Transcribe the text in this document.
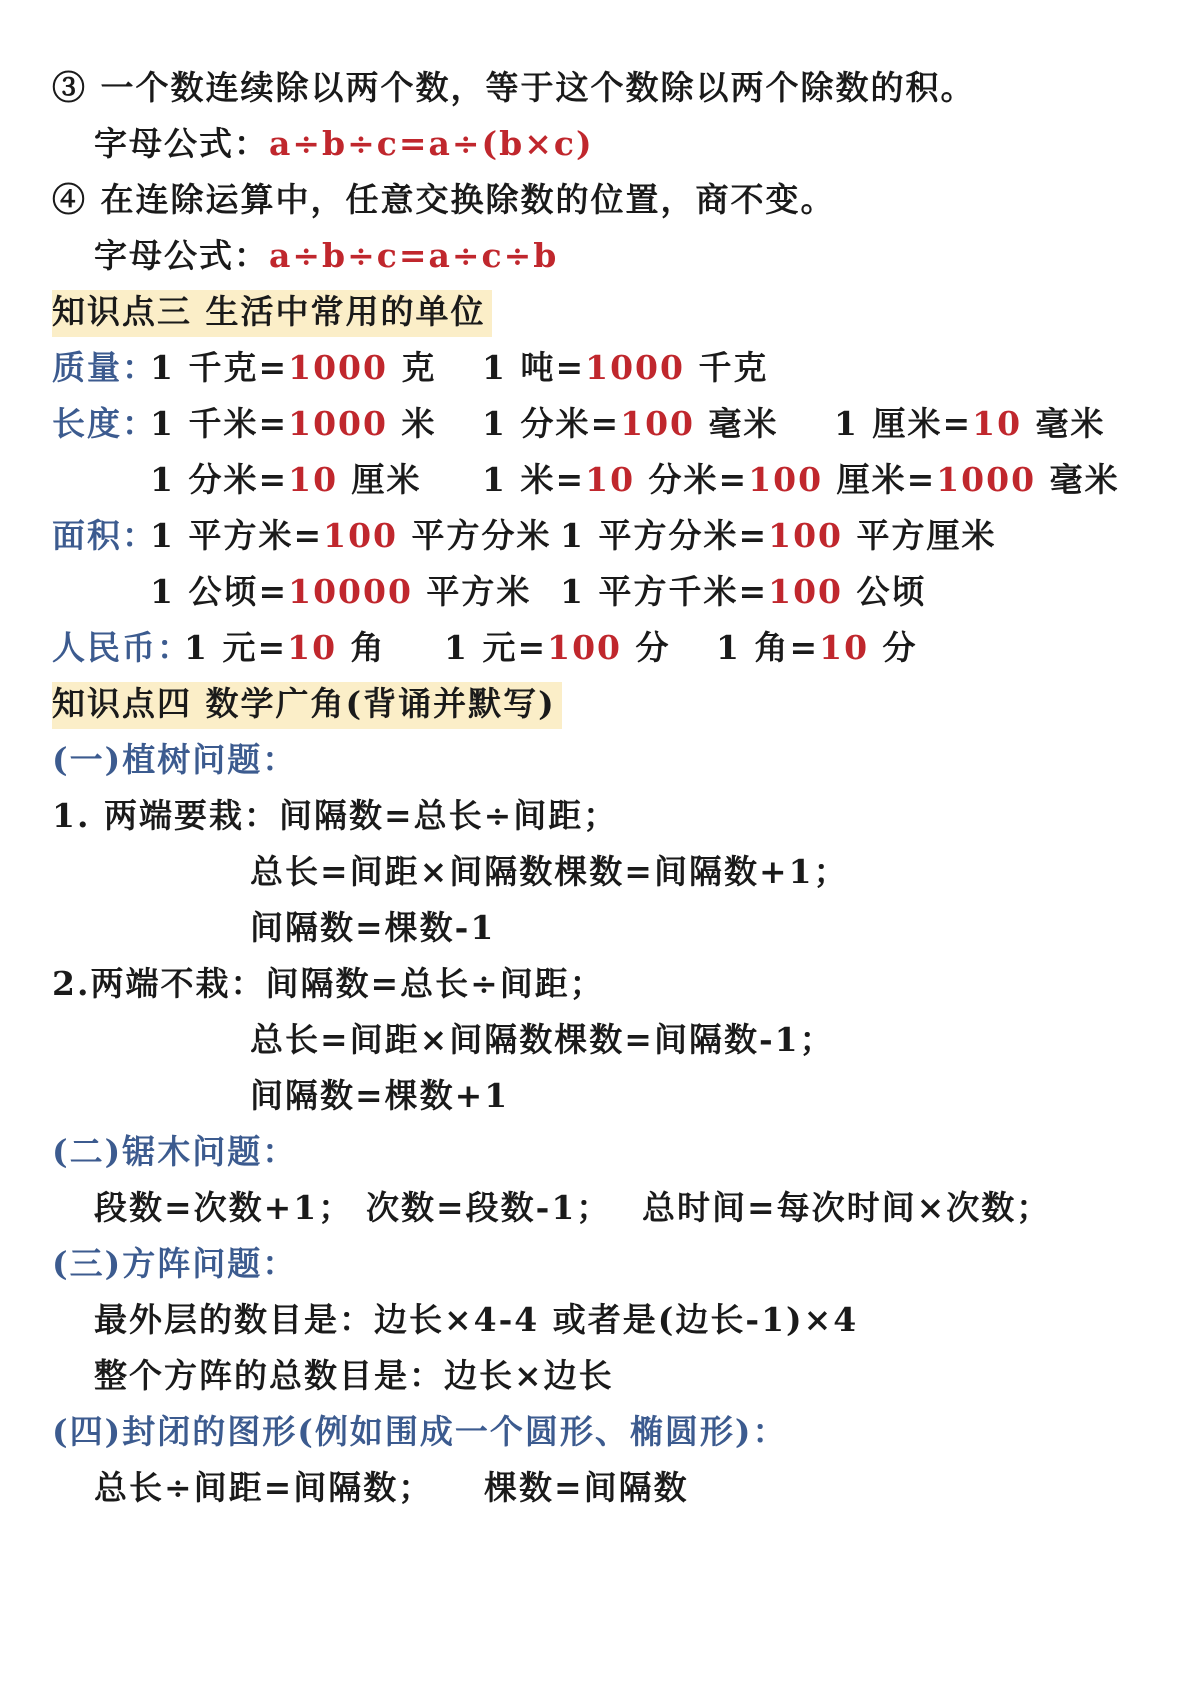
③ 一个数连续除以两个数，等于这个数除以两个除数的积。
字母公式：a÷b÷c=a÷(b×c)
④ 在连除运算中，任意交换除数的位置，商不变。
字母公式：a÷b÷c=a÷c÷b
知识点三 生活中常用的单位
质量：
1 千克=1000 克 1 吨=1000 千克
长度：
1 千米=1000 米 1 分米=100 毫米 1 厘米=10 毫米
1 分米=10 厘米 1 米=10 分米=100 厘米=1000 毫米
面积：
1 平方米=100 平方分米 1 平方分米=100 平方厘米
1 公顷=10000 平方米 1 平方千米=100 公顷
人民币：
1 元=10 角 1 元=100 分 1 角=10 分
知识点四 数学广角(背诵并默写)
(一)植树问题：
1. 两端要栽：间隔数=总长÷间距；
总长=间距×间隔数棵数=间隔数+1；
间隔数=棵数-1
2.两端不栽：间隔数=总长÷间距；
总长=间距×间隔数棵数=间隔数-1；
间隔数=棵数+1
(二)锯木问题：
段数=次数+1； 次数=段数-1； 总时间=每次时间×次数；
(三)方阵问题：
最外层的数目是：边长×4-4 或者是(边长-1)×4
整个方阵的总数目是：边长×边长
(四)封闭的图形(例如围成一个圆形、椭圆形)：
总长÷间距=间隔数； 棵数=间隔数
